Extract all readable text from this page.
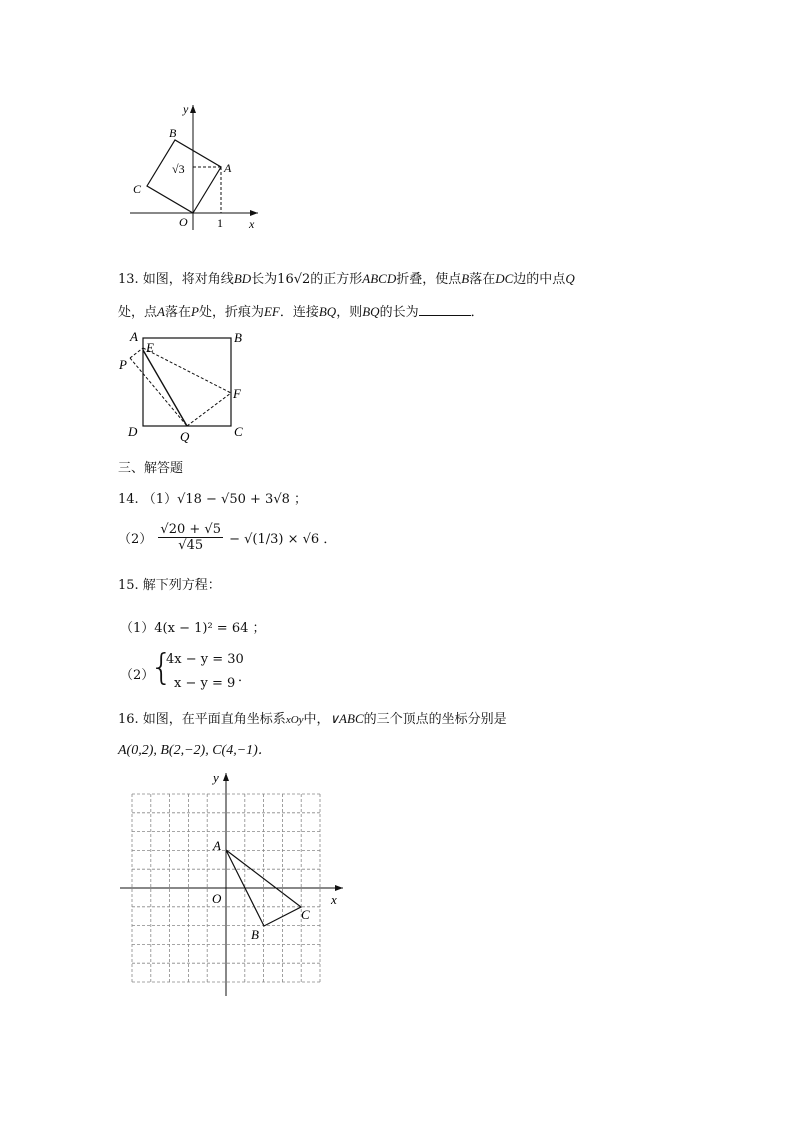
y
x
B
A
C
O 1
√3
13. 如图，将对角线BD长为16√2的正方形ABCD折叠，使点B落在DC边的中点Q
处，点A落在P处，折痕为EF．连接BQ，则BQ的长为	．
A	B
C
D
E
F
P
Q
三、解答题
14. （1）√18 − √50 + 3√8 ；
$(2) \frac{√20 + √5}{√45} - √(1/3) \times √6$ ．
15. 解下列方程：
（1）4(x − 1)² = 64 ；
（2）
{
4x − y = 30
x − y = 9 ．
16. 如图，在平面直角坐标系xOy中，∨ABC的三个顶点的坐标分别是
A(0,2), B(2,−2), C(4,−1)．
y
x
A
B
C
O
